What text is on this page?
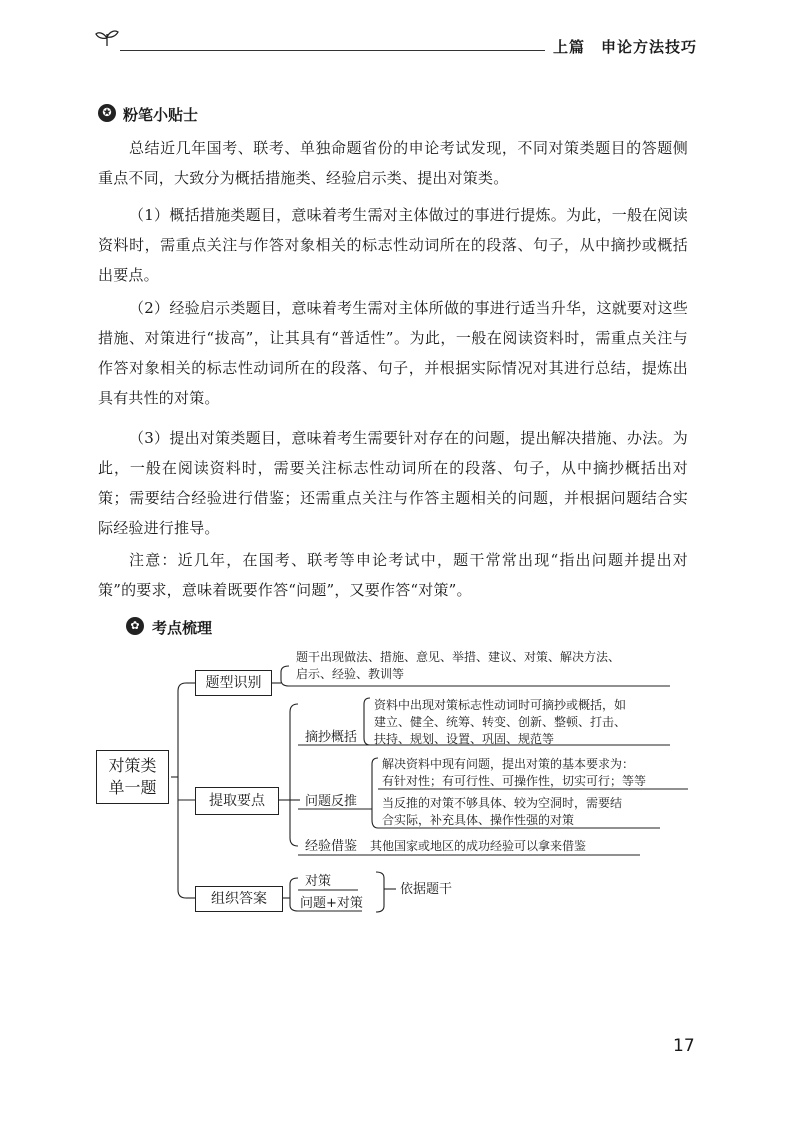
上篇　申论方法技巧
✪ 粉笔小贴士
总结近几年国考、联考、单独命题省份的申论考试发现，不同对策类题目的答题侧重点不同，大致分为概括措施类、经验启示类、提出对策类。
（1）概括措施类题目，意味着考生需对主体做过的事进行提炼。为此，一般在阅读资料时，需重点关注与作答对象相关的标志性动词所在的段落、句子，从中摘抄或概括出要点。
（2）经验启示类题目，意味着考生需对主体所做的事进行适当升华，这就要对这些措施、对策进行“拔高”，让其具有“普适性”。为此，一般在阅读资料时，需重点关注与作答对象相关的标志性动词所在的段落、句子，并根据实际情况对其进行总结，提炼出具有共性的对策。
（3）提出对策类题目，意味着考生需要针对存在的问题，提出解决措施、办法。为此，一般在阅读资料时，需要关注标志性动词所在的段落、句子，从中摘抄概括出对策；需要结合经验进行借鉴；还需重点关注与作答主题相关的问题，并根据问题结合实际经验进行推导。
注意：近几年，在国考、联考等申论考试中，题干常常出现“指出问题并提出对策”的要求，意味着既要作答“问题”，又要作答“对策”。
✿ 考点梳理
对策类
单一题
题型识别
题干出现做法、措施、意见、举措、建议、对策、解决方法、
启示、经验、教训等
提取要点
摘抄概括
资料中出现对策标志性动词时可摘抄或概括，如
建立、健全、统筹、转变、创新、整顿、打击、
扶持、规划、设置、巩固、规范等
问题反推
解决资料中现有问题，提出对策的基本要求为：
有针对性；有可行性、可操作性，切实可行；等等
当反推的对策不够具体、较为空洞时，需要结
合实际，补充具体、操作性强的对策
经验借鉴 其他国家或地区的成功经验可以拿来借鉴
组织答案
对策
问题+对策
依据题干
17
